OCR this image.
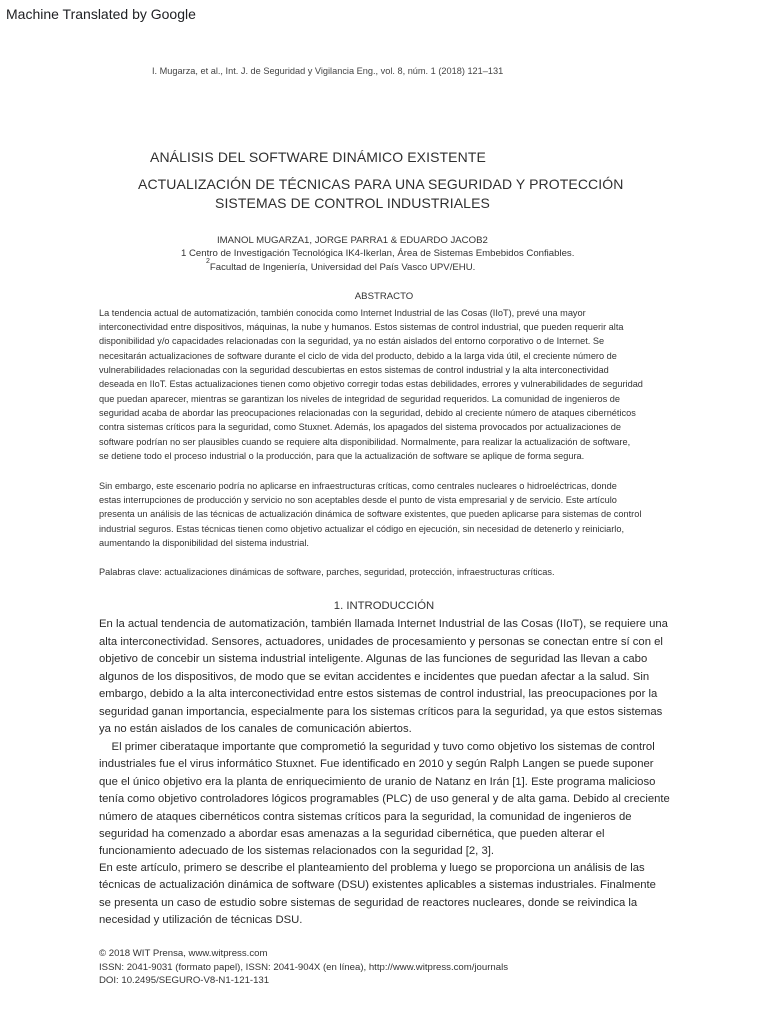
Machine Translated by Google
I. Mugarza, et al., Int. J. de Seguridad y Vigilancia Eng., vol. 8, núm. 1 (2018) 121–131
ANÁLISIS DEL SOFTWARE DINÁMICO EXISTENTE
ACTUALIZACIÓN DE TÉCNICAS PARA UNA SEGURIDAD Y PROTECCIÓN
SISTEMAS DE CONTROL INDUSTRIALES
IMANOL MUGARZA1, JORGE PARRA1 & EDUARDO JACOB2
1 Centro de Investigación Tecnológica IK4-Ikerlan, Área de Sistemas Embebidos Confiables.
$^2$Facultad de Ingeniería, Universidad del País Vasco UPV/EHU.
ABSTRACTO
La tendencia actual de automatización, también conocida como Internet Industrial de las Cosas (IIoT), prevé una mayor
interconectividad entre dispositivos, máquinas, la nube y humanos. Estos sistemas de control industrial, que pueden requerir alta
disponibilidad y/o capacidades relacionadas con la seguridad, ya no están aislados del entorno corporativo o de Internet. Se
necesitarán actualizaciones de software durante el ciclo de vida del producto, debido a la larga vida útil, el creciente número de
vulnerabilidades relacionadas con la seguridad descubiertas en estos sistemas de control industrial y la alta interconectividad
deseada en IIoT. Estas actualizaciones tienen como objetivo corregir todas estas debilidades, errores y vulnerabilidades de seguridad
que puedan aparecer, mientras se garantizan los niveles de integridad de seguridad requeridos. La comunidad de ingenieros de
seguridad acaba de abordar las preocupaciones relacionadas con la seguridad, debido al creciente número de ataques cibernéticos
contra sistemas críticos para la seguridad, como Stuxnet. Además, los apagados del sistema provocados por actualizaciones de
software podrían no ser plausibles cuando se requiere alta disponibilidad. Normalmente, para realizar la actualización de software,
se detiene todo el proceso industrial o la producción, para que la actualización de software se aplique de forma segura.
Sin embargo, este escenario podría no aplicarse en infraestructuras críticas, como centrales nucleares o hidroeléctricas, donde
estas interrupciones de producción y servicio no son aceptables desde el punto de vista empresarial y de servicio. Este artículo
presenta un análisis de las técnicas de actualización dinámica de software existentes, que pueden aplicarse para sistemas de control
industrial seguros. Estas técnicas tienen como objetivo actualizar el código en ejecución, sin necesidad de detenerlo y reiniciarlo,
aumentando la disponibilidad del sistema industrial.
Palabras clave: actualizaciones dinámicas de software, parches, seguridad, protección, infraestructuras críticas.
1. INTRODUCCIÓN
En la actual tendencia de automatización, también llamada Internet Industrial de las Cosas (IIoT), se requiere una
alta interconectividad. Sensores, actuadores, unidades de procesamiento y personas se conectan entre sí con el
objetivo de concebir un sistema industrial inteligente. Algunas de las funciones de seguridad las llevan a cabo
algunos de los dispositivos, de modo que se evitan accidentes e incidentes que puedan afectar a la salud. Sin
embargo, debido a la alta interconectividad entre estos sistemas de control industrial, las preocupaciones por la
seguridad ganan importancia, especialmente para los sistemas críticos para la seguridad, ya que estos sistemas
ya no están aislados de los canales de comunicación abiertos.
El primer ciberataque importante que comprometió la seguridad y tuvo como objetivo los sistemas de control
industriales fue el virus informático Stuxnet. Fue identificado en 2010 y según Ralph Langen se puede suponer
que el único objetivo era la planta de enriquecimiento de uranio de Natanz en Irán [1]. Este programa malicioso
tenía como objetivo controladores lógicos programables (PLC) de uso general y de alta gama. Debido al creciente
número de ataques cibernéticos contra sistemas críticos para la seguridad, la comunidad de ingenieros de
seguridad ha comenzado a abordar esas amenazas a la seguridad cibernética, que pueden alterar el
funcionamiento adecuado de los sistemas relacionados con la seguridad [2, 3].
En este artículo, primero se describe el planteamiento del problema y luego se proporciona un análisis de las
técnicas de actualización dinámica de software (DSU) existentes aplicables a sistemas industriales. Finalmente
se presenta un caso de estudio sobre sistemas de seguridad de reactores nucleares, donde se reivindica la
necesidad y utilización de técnicas DSU.
© 2018 WIT Prensa, www.witpress.com
ISSN: 2041-9031 (formato papel), ISSN: 2041-904X (en línea), http://www.witpress.com/journals
DOI: 10.2495/SEGURO-V8-N1-121-131
